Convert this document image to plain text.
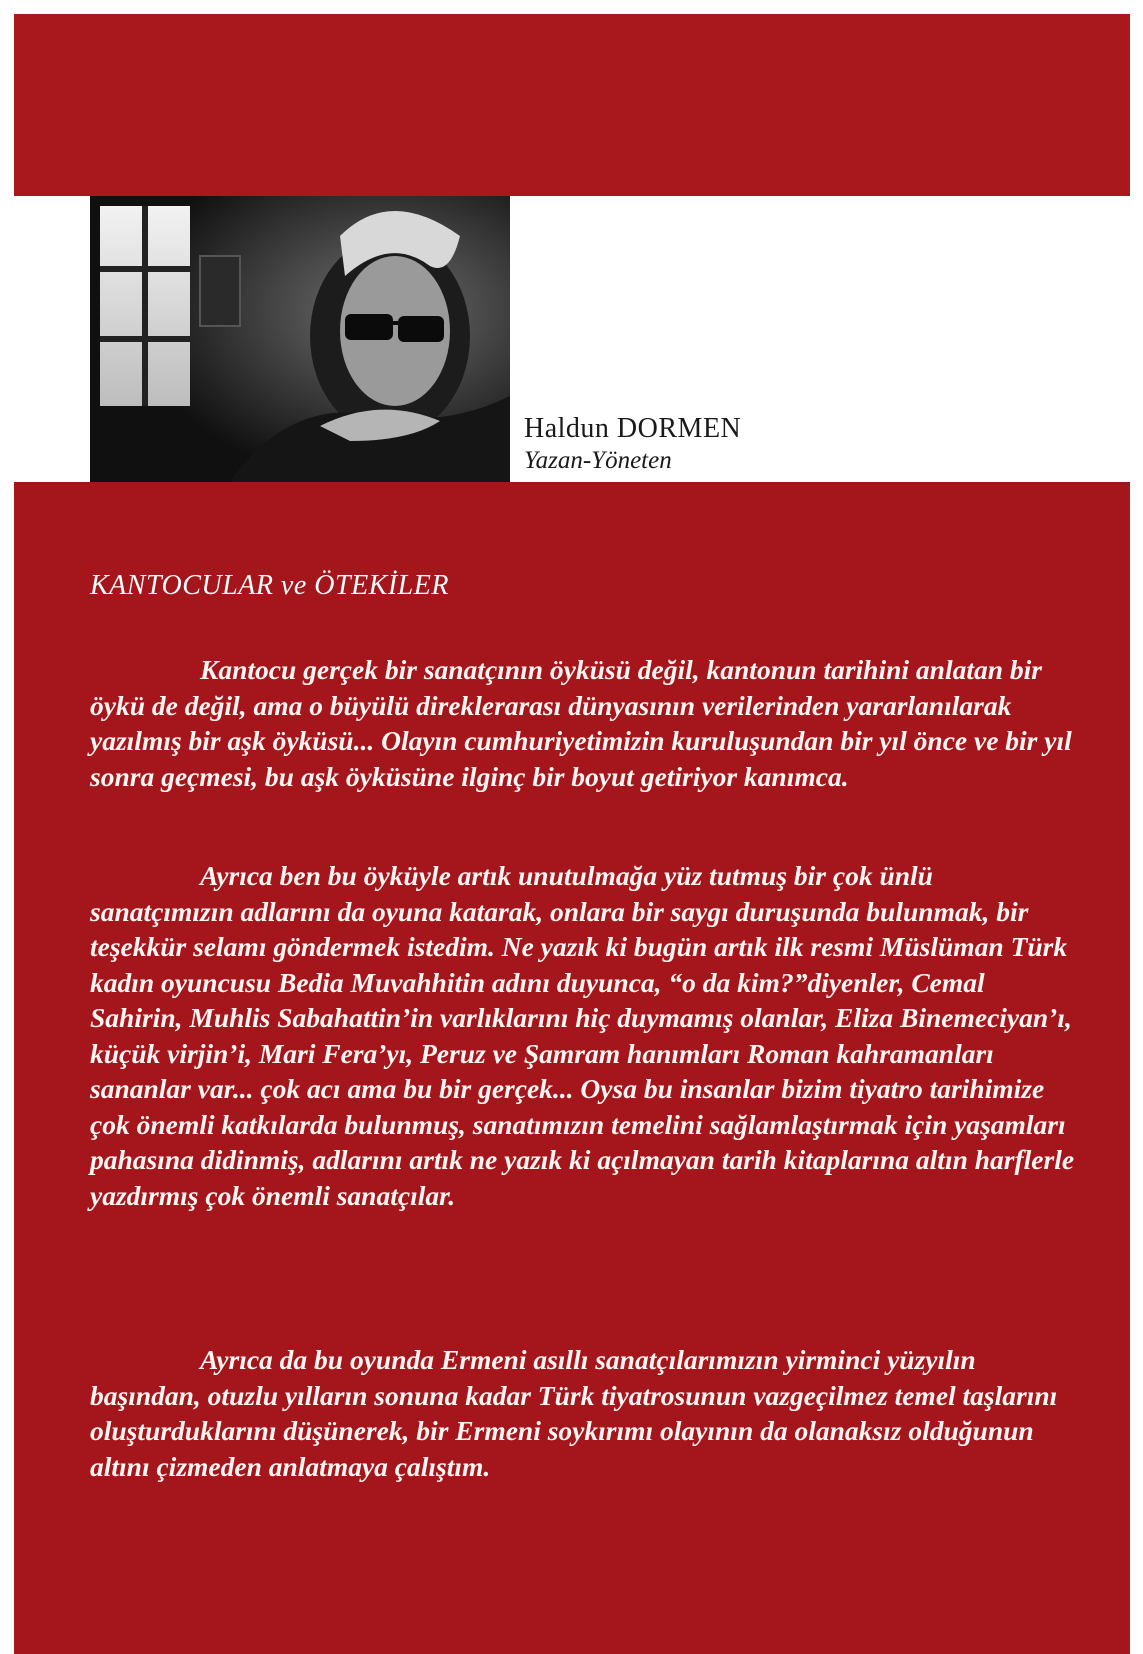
Haldun DORMEN
Yazan-Yöneten
KANTOCULAR ve ÖTEKİLER

Kantocu gerçek bir sanatçının öyküsü değil, kantonun tarihini anlatan bir öykü de değil, ama o büyülü direklerarası dünyasının verilerinden yararlanılarak yazılmış bir aşk öyküsü... Olayın cumhuriyetimizin kuruluşundan bir yıl önce ve bir yıl sonra geçmesi, bu aşk öyküsüne ilginç bir boyut getiriyor kanımca.

Ayrıca ben bu öyküyle artık unutulmağa yüz tutmuş bir çok ünlü sanatçımızın adlarını da oyuna katarak, onlara bir saygı duruşunda bulunmak, bir teşekkür selamı göndermek istedim. Ne yazık ki bugün artık ilk resmi Müslüman Türk kadın oyuncusu Bedia Muvahhitin adını duyunca, “o da kim?”diyenler, Cemal Sahirin, Muhlis Sabahattin’in varlıklarını hiç duymamış olanlar, Eliza Binemeciyan’ı, küçük virjin’i, Mari Fera’yı, Peruz ve Şamram hanımları Roman kahramanları sananlar var... çok acı ama bu bir gerçek... Oysa bu insanlar bizim tiyatro tarihimize çok önemli katkılarda bulunmuş, sanatımızın temelini sağlamlaştırmak için yaşamları pahasına didinmiş, adlarını artık ne yazık ki açılmayan tarih kitaplarına altın harflerle yazdırmış çok önemli sanatçılar.

Ayrıca da bu oyunda Ermeni asıllı sanatçılarımızın yirminci yüzyılın başından, otuzlu yılların sonuna kadar Türk tiyatrosunun vazgeçilmez temel taşlarını oluşturduklarını düşünerek, bir Ermeni soykırımı olayının da olanaksız olduğunun altını çizmeden anlatmaya çalıştım.
